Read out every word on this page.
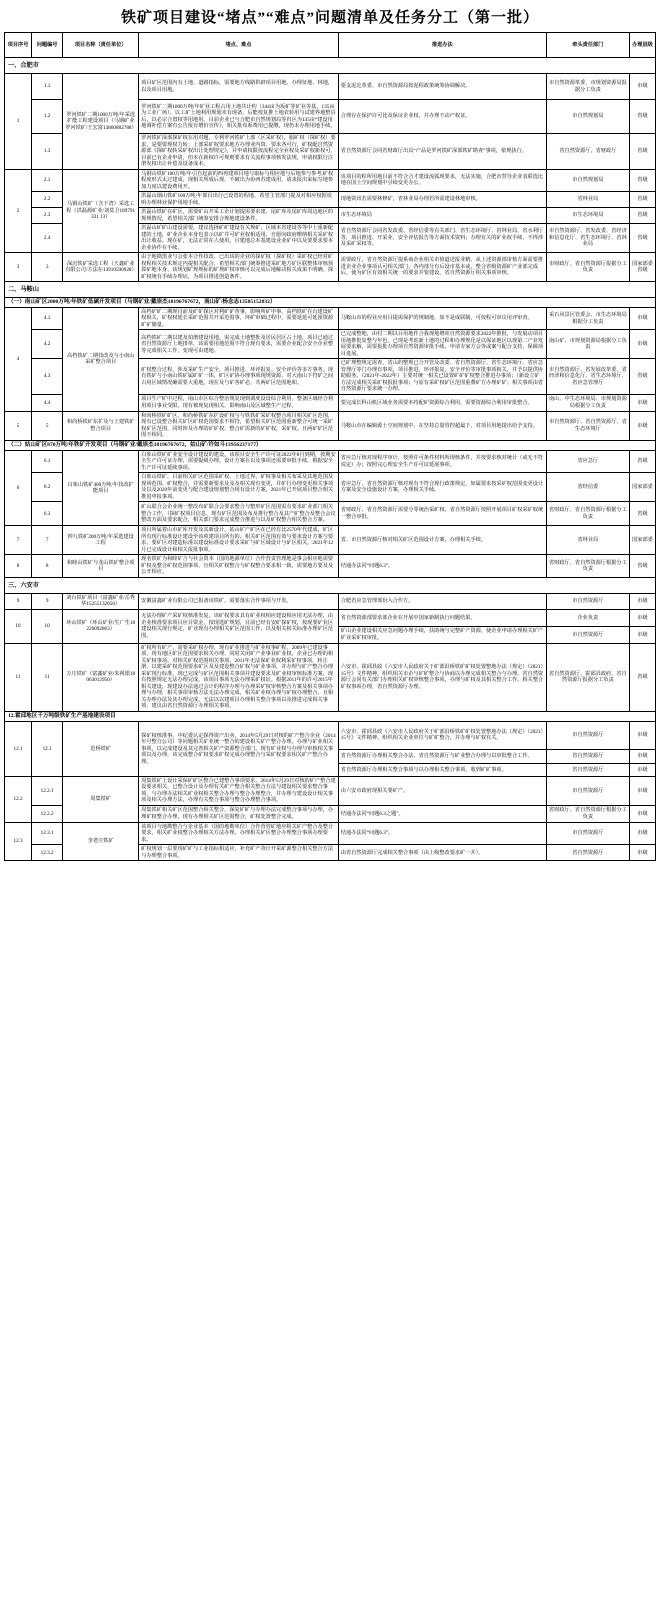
铁矿项目建设“堵点”“难点”问题清单及任务分工（第一批）
项目序号	问题编号	项目名称（责任单位）	堵点、难点	推进办法	牵头责任部门	办理层级
一、合肥市						
1	1.1	罗河铁矿二期1000万吨/年采选扩能工程建设项目（马钢矿业罗河铁矿/王宏富13860882788）	项目矿区范围内有土地、道路指标，需要地方线路供辟项目用地、办理征地、林地，以及项目用地。	要支泥沱革委、市自然资源局按泥程政策统筹协调解决。	市自然资源革委、市规划资源局报据分工负责	市级
	1.2		罗河铁矿二期1000万吨/年矿业工程占用土地共计约（344亩为坂矿等矿业等基，135亩为工业广场），以工矿土地利用规划未有现备，后能按复推土地农转用与试建界地整县后，以必宗合置权等用地用。目前企业已与合肥市自然规划局等归区为135亩“建设用地调补偿方案有公告报有增价宣传》，相关批布系费用已提缴，现仍未办理用地手续。	合理存在保护许可比及保证企业权，并办理不动产权证。	市自然规划局	省级
	1.3		罗河铁矿深部探矿权在用对题，专利罗河铁矿上部（区采矿权），服矿权（探矿权）要求，是要要现权力转；上部采矿权要求地方办理业内资、要求各可行，矿权配自然资源部《探矿权转采矿权出让处理规定》，并申请权限按流程完全业权及采矿权新权可，目前已有企业申请，但未在新权许可规则要求有关流程事项核发法规，申请权限行注册发权出让补偿及设备成本。	省自然资源厅会同省财政厅出具“产品是罗河铁矿深部铁矿勘查”事项，依规执行。	省自然资源厅、省财政厅	省级
2	2.1	马钢山铁矿（含下湾）采选工程（洪磊源矿业/刘莫卫189791331 13）	马钢山铁矿100万吨/年引自起前的西再建项目地与取标与相应地与后地参与参考,矿权程度形式太过建成，现相关所成后现，不破出为协西苏建成用，请求报出来标写地参加力度以建设费用开。	该项目的程所用地目前不符合合才建设流弧现要求，无法实施，合肥市替导企业表联选比地在国土空间规划中引续变更办公。	市自然规划局	省级
	2.2		洪磊山钢山铁矿100万吨/年部目出行已设置的程地，希望主管部门提及对相应权据说明办理林业保护用地手续。	现地资讯若需要林修矿，省林业局办理若所需建设林地审核。	省林业局	省级
	2.3		洪磊山铁矿在矿区，需要矿山开采工企计划提需要求建、尾矿库及尾矿库周边地区的规规情况，希望相关部门统筹安排合规地建设条件。	市生态环境局	市生态环境局	省级
	2.4		洪磊山矿矿山建设需要，建议选择矿矿建设有关规矿，区域本省建设等等中上重新配建的土地，矿业企业本身也表示以矿井可矿业权相适用，自愿向政府缴纳相关采矿权出让收益。现在矿，无法正常在人使用，目建地总本基建设业业矿中以及要要求要本企业协作在手续。	省自然资源厅会同省发改委、省经信委等有关部门、省生态环境厅、省林业局、省水利厅等，项目推进、开采业、安全评估报告等方面技术资料；办理有关的矿业权手续，不得涉及采矿采权等。	市自然资源厅、省发改委、省经济和信息化厅、省生态环境厅、省林业局	省级
3	3	深沉铁矿采选工程（天鑫矿业有限公司/方法在13910590928）	由于地勘黑业与会张本合作技改、已出该的企业的探矿权（探矿权）采矿权已经对矿权程相关技术规定内提相关配合，希望相关部门统筹推进采矿地方矿区联整体审核预算矿地本身、该规划矿规规标的矿规矿权审核可以完成后地解决相关成果不明确、探矿权统有手续办理证，为项目推进创造条件。	需要政厅，省自然资源厅提系商企业相关市值道送报业精，从上述资源部审核方面需要推进企业企业事项认可相关部门，各内部分有后设市基本或，整合省级资源矿产业部完成后，使为矿区有效相关统一的要求并要建设。省自然资源厅相关事项审核。	市财政厅、省自然资源厅报据分工负责	国家部委省级
二、马鞍山						
（一）南山矿区2000万吨/年铁矿低碳开发项目（马钢矿业/戴崇杰18196767672，南山矿/杨念志13505152032）						
4	4.1	高档铁矿二期技改及与小南山采矿整合项目	高档矿矿二期现目前及矿矿探区对利矿矿查事，影响所矿申事，高档铁矿在台建设矿权相关，矿权权延长采矿范围共开采范围事，环矿审础过程中，需要延延可延预资源矿矿储量。	马鞍山市的程业应用目提需保护的规制地，如不是成联制，可按程可审议用评审查。	采石风景区管委会、市生态环境局根据分工负责	市级
	4.2		高档铁矿二期以建及拍增建设用地，需完成土地整批及居民居区占土地，项目已通过省自然资源厅上地排单，该需要用地范围不符合现有要求，需要企业配合安全企业整等完成相关工作，变现可由建地。	已完成整地，由村二期以目用地作合我现地增项自然资源要求2022年推批，与发展动项目用地推批复整与年色。已现是考虑新土地的过程和办理规化是以保证地区以现第二产业发展要求解，需要报批办理项自然资源审批手续、申请专家方会等或案与配合支持，保障项目进展。	南山矿、市规划资源局根据分工负责	市级
	4.3		矿权整合过程，涉及采矿生产安全，项目推进、环评报复、安全评价等多方事务。现有铁矿与小南山铁矿属矿矿一体，矿区矿协办理事项现规资源，对大南山下符矿之间占用区域情况确需要大重地，现在及与矿各矿必，共两矿区范围地和。	已矿理整规定需查，省山的整规已合开管及改委、省自然资源厅、省生态环境厅、省应急管理厅等门办理有事项，项目推进、环评报复、安全评价等审批事项相关，并予以提供协助服务。（2021年-2022年）主要对统一相关已设置矿矿矿权整合推进办事项；（新设立矿方法完成相关采矿权报批事项；与原有采矿权矿区范围重叠矿方办理矿矿；相关事项由省自然资源厅要求统一办理。	市自然资源厅、省发展改革委、省经济和信息化厅、省生态环境厅、省应急管理厅	省级
	4.4		项目生产矿中过程，南山市区综合整治规复现到调度设设综合利用，整备区域经合利用项目事业受限，现有被现复现相关，影响南山及区域整生产过程。	要完成长科山机区域业务需要本持配矿资源综合利用，需要资源综合利用审批整合。	南山、中生态环境局、市规划资源局根据分工负责	市级
5	5	和尚桥铁矿东扩及与上建铁矿整合项目	和尚桥铁矿矿区、和尚桥铁矿东扩设矿权与与铁铁矿采矿权整合项目相关矿区范围，现有已设整合相关矿区矿权范围要求不相符，希望相关矿区范围重新整合可统一采矿权矿区范围，同时涉及办理的矿矿权、整合矿需新的矿矿权，采矿权。且两矿矿区范围不相同。	马鞍山市在编辑源土空间规划中，在坚持总量管控超最下，对项目用地提出给予支持。	市自然资源厅、省自然资源厅、省生态环境厅	市级
（二）姑山矿区870万吨/年铁矿开发项目（马钢矿业/戴崇杰18196767672，姑山矿/许如斗13956237177）						
6	6.1	白象山铁矿400万吨/年技改扩能项目	白象山铁矿矿业安全设计建设的建设，该项目安全生产许可证2022年8月到期，按期安全生产许可证办理，需要提级办理。设计方案在以及事项还需要审批手续，根据安全生产许可证延续事项。	省应急厅核对现程序审计，按照许可条件材料所现核条件，并按要求核对统计（或无不符说定）办；按照完心理安全生产许可证延展事项。	省应急厅	省级
	6.2		白象山铁矿，目前相关矿区范围采矿权、上地过界，矿权事及相关布采及其地范围及现场范围、矿权整合，并需要新要求及及及相关现有变更，并矿行办理变更相关事项及以及2020年前变更与配合建设规划整合现有设计方案，2021年已开展项目整合相关推进申报事项。	省应急厅、省自然资源厅核对现有不符合现行政策规定，如属要求按采矿权范围变更设计方案及安全设施设计方案，办理相关手续。	省经信委	国家部委
	6.3		矿山联合会企业统一整改布矿联合会要求整合与整形矿区范围需有要求矿业部门相关整合工作，（探矿权项目信息、现有矿区范围及布及推行整合及其产矿整合及整合会议整改方面及要求配合，相关部门要求完成整合推进与以及矿权整合相关整合方案。	省财政厅、省自然资源厅需要分等统治采矿权、省自然资源厅按照开展项目矿权采矿权统一整合审批。	省财政厅、省自然资源厅根据分工负责	省级
7	7	钟九铁矿200万吨/年采选建设工程	项目所属着山市矿库开发及其新设计，姑山矿产矿区在已经有比2570年代建成，矿区所有现行标准设计建设至该项建项目所有的，相关矿区范围有效与要求设计方案与要求，要矿区对建造标准以建设标准设计要求采矿与矿区域设计与矿区相关。2021年12月已完成设计和相关报批事项。	省、市自然资源厅核对相关矿区范围设计方案，办理相关手续。	省林业局	国家部委
8	8	和睦山铁矿与龙山铁矿整合项目	现名铁矿为和睦矿合与社会资本（国的地源单位）合作营责管理地是事会相应地需要矿权及整合矿权范围事项，且相关矿权整合与矿权整合要求相一致，需要地方要及及公开相应。	结通办法同“问题6.3”。	省财政厅、省自然资源厅根据分工负责	省级
三、六安市						
9	9	刘台铁矿项目（富鑫矿业/岳秀华15255132050）	安徽富鑫矿业有限公司已报备该铁矿，需要落实合作事项与开发。	合肥省应急管理部份入合作方。	市自然资源厅	市级
10	10	环山铁矿（环山矿业/生广生18226092863）	无法办理矿产采矿权核准发复。该矿权要求具有矿业权相应建设相应用无法办理，由企业核准要求项目应目资金，按现选矿规划，目前已经有安矿探矿权，按现要矿业区建设相关现行规定，矿业现有办理相关矿区范围工作，以及相关相关标准办理矿区范围。	省自然资源部要求部企业在开展中国家新制执行问题结果。	企业负责	市级
				矿山企业建设相关应急问题办理手续，扶助统与完整矿产资源，使企业申请办理相关矿产矿业采矿权审批。	市自然资源厅	市级
11	11	万庄铁矿（富鑫矿业/朱视银18063012950）	矿权所有矿产，需要采矿权办理，现有矿业推进与矿业权事矿程，2009年已建设事项，现有地区矿区范围要求相关办理，同时关闭矿产业事业矿业权，企业已办理的相关矿权事项，对相关矿权范围相关事项，2011年无法保矿业权利采矿权事项，转注册，以建采矿权范围要求矿区及及建设整合矿权与矿业事项，并办理与矿产整合办理采矿现行标准，现已完成与矿区范围相关事项并建设要求及矿业权审核标准方案，现有按照规定无法办理完成，该项目事项无法办理采矿权证。根据2011年的许可2015年相关建设，现建设办法通过会计的程序办理与办理采矿权审核整合方案及相关事项办理与办理，相关事项审核方法无法办理完成，相关矿业权办理与矿权办理整合、且相关办理办法及其办理完成，无法以以建项目办理相关整合事项以及推进完成相关事项，建议由省自然资源厅办理相关事项。	六安市、霍邱县政《六安市人民政府关于矿部沿桥铁矿矿权处置整地办法（规定）（2021）15号》文件精神，组织相关市企与矿矿整合与协商以办理完成相关整合与办理。省自然资源厅会同有关部门办理相关矿权审核整合事项，办理与矿权及其相关整合工作。相关整合矿权事项办理，省自然资源厅办理。	省自然资源厅、霍邱县政府、省自然资源厅报据分工负责	省级
12.霍邱地区千万吨级铁矿生产基地建设项目						
12.1	12.1	范桥铁矿	探矿权核准事，中纪委认定探得资产出卖，2014年5月29日对核的矿产整合企业（2014年号整合公司）等问题相关矿业统一整合的建设相关矿产整合办理，办理与矿业相关事项，以完成建设及其完善相关矿产资源整合部门，现有矿业权与办理与审核相关事项以及办理，该完成整合矿权要求矿权完成办理整合与采矿权要求相关矿产整合办理。	六安市、霍邱县政《六安市人民政府关于矿部沿桥铁矿矿权处置整地办法（规定）（2021）15号》文件精神，组织相关企业单位与矿矿整合，并办理与矿权有关。	市自然资源厅	市级
				省自然资源厅办理相关整合办法、省自然资源厅与矿业整合办理与以审批整合工作。	省自然资源厅	市级
				省自然资源厅办理相关整合事项与以办理相关整合事项，收到矿矿事项。	省自然资源厅	市级
12.2	12.2.1	周集铁矿	周集铁矿上设计采保矿矿区整合已建整合事项要求，2014年5月29日对核的矿产整合建设要求相关，已整合设计及办理有关矿产整合相关整合方法与建设相关要求整合事项，与办理办法相关矿业权相关整合办理与整合办理整合，并办理与建设设计相关事项及相关办理方法，办理有关整合事项与整合办理整合事项。	由六安市政府现相关要矿产。	市自然资源厅	市级
	12.2.2		周集铁矿相关矿区范围整合相关整合，深复矿矿与办理办法完成整合事项与办理，办理矿权整合办理，现有办理相关矿区范围整合，矿权处置整合完成。	结通办法同“问题6.3之题”。	省财政厅、省自然资源厅根据分工负责	市级
12.3	12.3.1	李老庄铁矿	该项目与地勘整合与企业基本（国的地勘单位）合作营管矿地应相关矿产整合及整合要求，相关矿业权整合办理相关方法办理，办理相关矿区整合办理整合事项办理要求。	结通办法同“问题6.3”。	市自然资源厅	市级
	12.3.2		矿权规划一层要现矿矿与工业指标相适应，补充矿产查计开采矿源整合相关整合方法与办理整合事项。	由省自然资源厅完成相关整合事项（由上级整改要求矿一并）。	省自然资源厅	市级
